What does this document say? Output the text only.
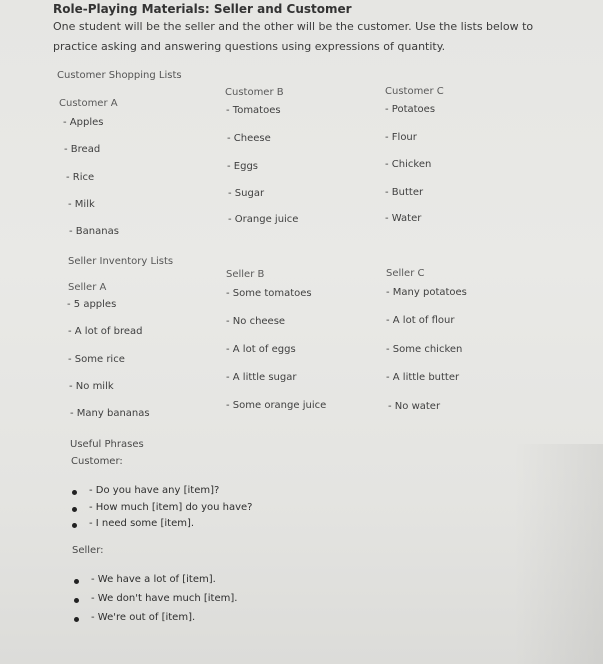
Role-Playing Materials: Seller and Customer
One student will be the seller and the other will be the customer. Use the lists below to
practice asking and answering questions using expressions of quantity.
Customer Shopping Lists
Customer A
- Apples
- Bread
- Rice
- Milk
- Bananas
Customer B
- Tomatoes
- Cheese
- Eggs
- Sugar
- Orange juice
Customer C
- Potatoes
- Flour
- Chicken
- Butter
- Water
Seller Inventory Lists
Seller A
- 5 apples
- A lot of bread
- Some rice
- No milk
- Many bananas
Seller B
- Some tomatoes
- No cheese
- A lot of eggs
- A little sugar
- Some orange juice
Seller C
- Many potatoes
- A lot of flour
- Some chicken
- A little butter
- No water
Useful Phrases
Customer:
- Do you have any [item]?
- How much [item] do you have?
- I need some [item].
Seller:
- We have a lot of [item].
- We don't have much [item].
- We're out of [item].
